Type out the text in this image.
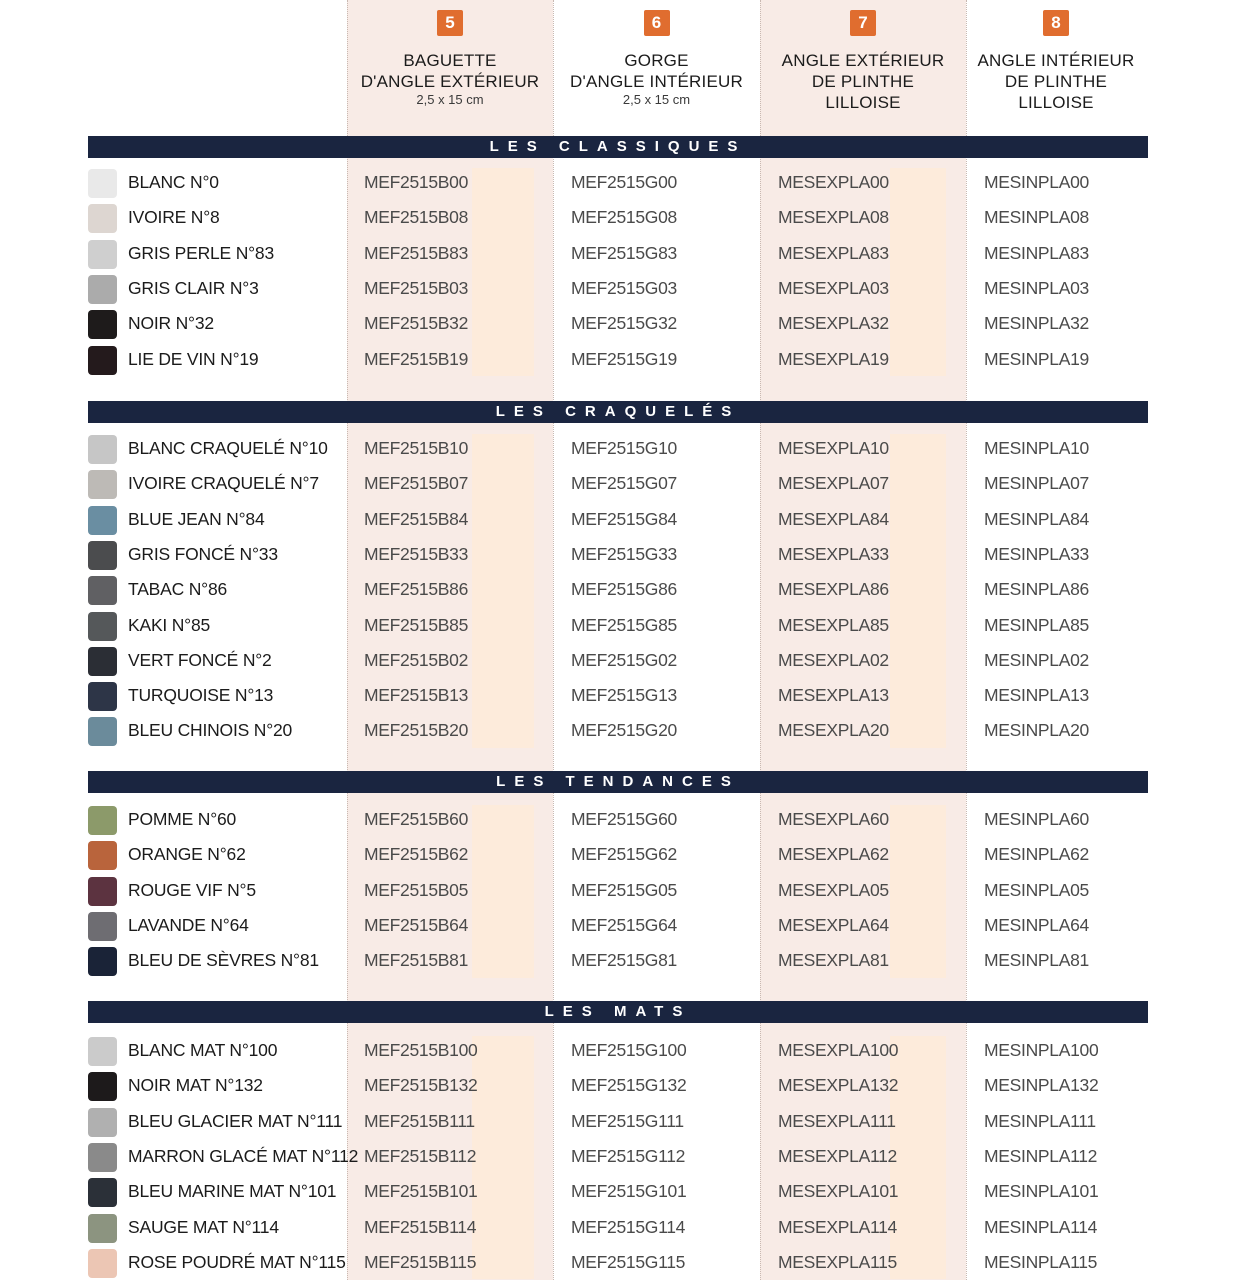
5
BAGUETTE
D'ANGLE EXTÉRIEUR
2,5 x 15 cm
6
GORGE
D'ANGLE INTÉRIEUR
2,5 x 15 cm
7
ANGLE EXTÉRIEUR
DE PLINTHE
LILLOISE
8
ANGLE INTÉRIEUR
DE PLINTHE
LILLOISE
LES CLASSIQUES
BLANC N°0	MEF2515B00	MEF2515G00	MESEXPLA00	MESINPLA00
IVOIRE N°8	MEF2515B08	MEF2515G08	MESEXPLA08	MESINPLA08
GRIS PERLE N°83	MEF2515B83	MEF2515G83	MESEXPLA83	MESINPLA83
GRIS CLAIR N°3	MEF2515B03	MEF2515G03	MESEXPLA03	MESINPLA03
NOIR N°32	MEF2515B32	MEF2515G32	MESEXPLA32	MESINPLA32
LIE DE VIN N°19	MEF2515B19	MEF2515G19	MESEXPLA19	MESINPLA19
LES CRAQUELÉS
BLANC CRAQUELÉ N°10 MEF2515B10	MEF2515G10	MESEXPLA10	MESINPLA10
IVOIRE CRAQUELÉ N°7	MEF2515B07	MEF2515G07	MESEXPLA07	MESINPLA07
BLUE JEAN N°84	MEF2515B84	MEF2515G84	MESEXPLA84	MESINPLA84
GRIS FONCÉ N°33	MEF2515B33	MEF2515G33	MESEXPLA33	MESINPLA33
TABAC N°86	MEF2515B86	MEF2515G86	MESEXPLA86	MESINPLA86
KAKI N°85	MEF2515B85	MEF2515G85	MESEXPLA85	MESINPLA85
VERT FONCÉ N°2	MEF2515B02	MEF2515G02	MESEXPLA02	MESINPLA02
TURQUOISE N°13	MEF2515B13	MEF2515G13	MESEXPLA13	MESINPLA13
BLEU CHINOIS N°20	MEF2515B20	MEF2515G20	MESEXPLA20	MESINPLA20
LES TENDANCES
POMME N°60	MEF2515B60	MEF2515G60	MESEXPLA60	MESINPLA60
ORANGE N°62	MEF2515B62	MEF2515G62	MESEXPLA62	MESINPLA62
ROUGE VIF N°5	MEF2515B05	MEF2515G05	MESEXPLA05	MESINPLA05
LAVANDE N°64	MEF2515B64	MEF2515G64	MESEXPLA64	MESINPLA64
BLEU DE SÈVRES N°81	MEF2515B81	MEF2515G81	MESEXPLA81	MESINPLA81
LES MATS
BLANC MAT N°100	MEF2515B100	MEF2515G100	MESEXPLA100	MESINPLA100
NOIR MAT N°132	MEF2515B132	MEF2515G132	MESEXPLA132	MESINPLA132
BLEU GLACIER MAT N°111 MEF2515B111	MEF2515G111	MESEXPLA111	MESINPLA111
MARRON GLACÉ MAT N°112 MEF2515B112	MEF2515G112	MESEXPLA112	MESINPLA112
BLEU MARINE MAT N°101 MEF2515B101	MEF2515G101	MESEXPLA101	MESINPLA101
SAUGE MAT N°114	MEF2515B114	MEF2515G114	MESEXPLA114	MESINPLA114
ROSE POUDRÉ MAT N°115 MEF2515B115	MEF2515G115	MESEXPLA115	MESINPLA115
